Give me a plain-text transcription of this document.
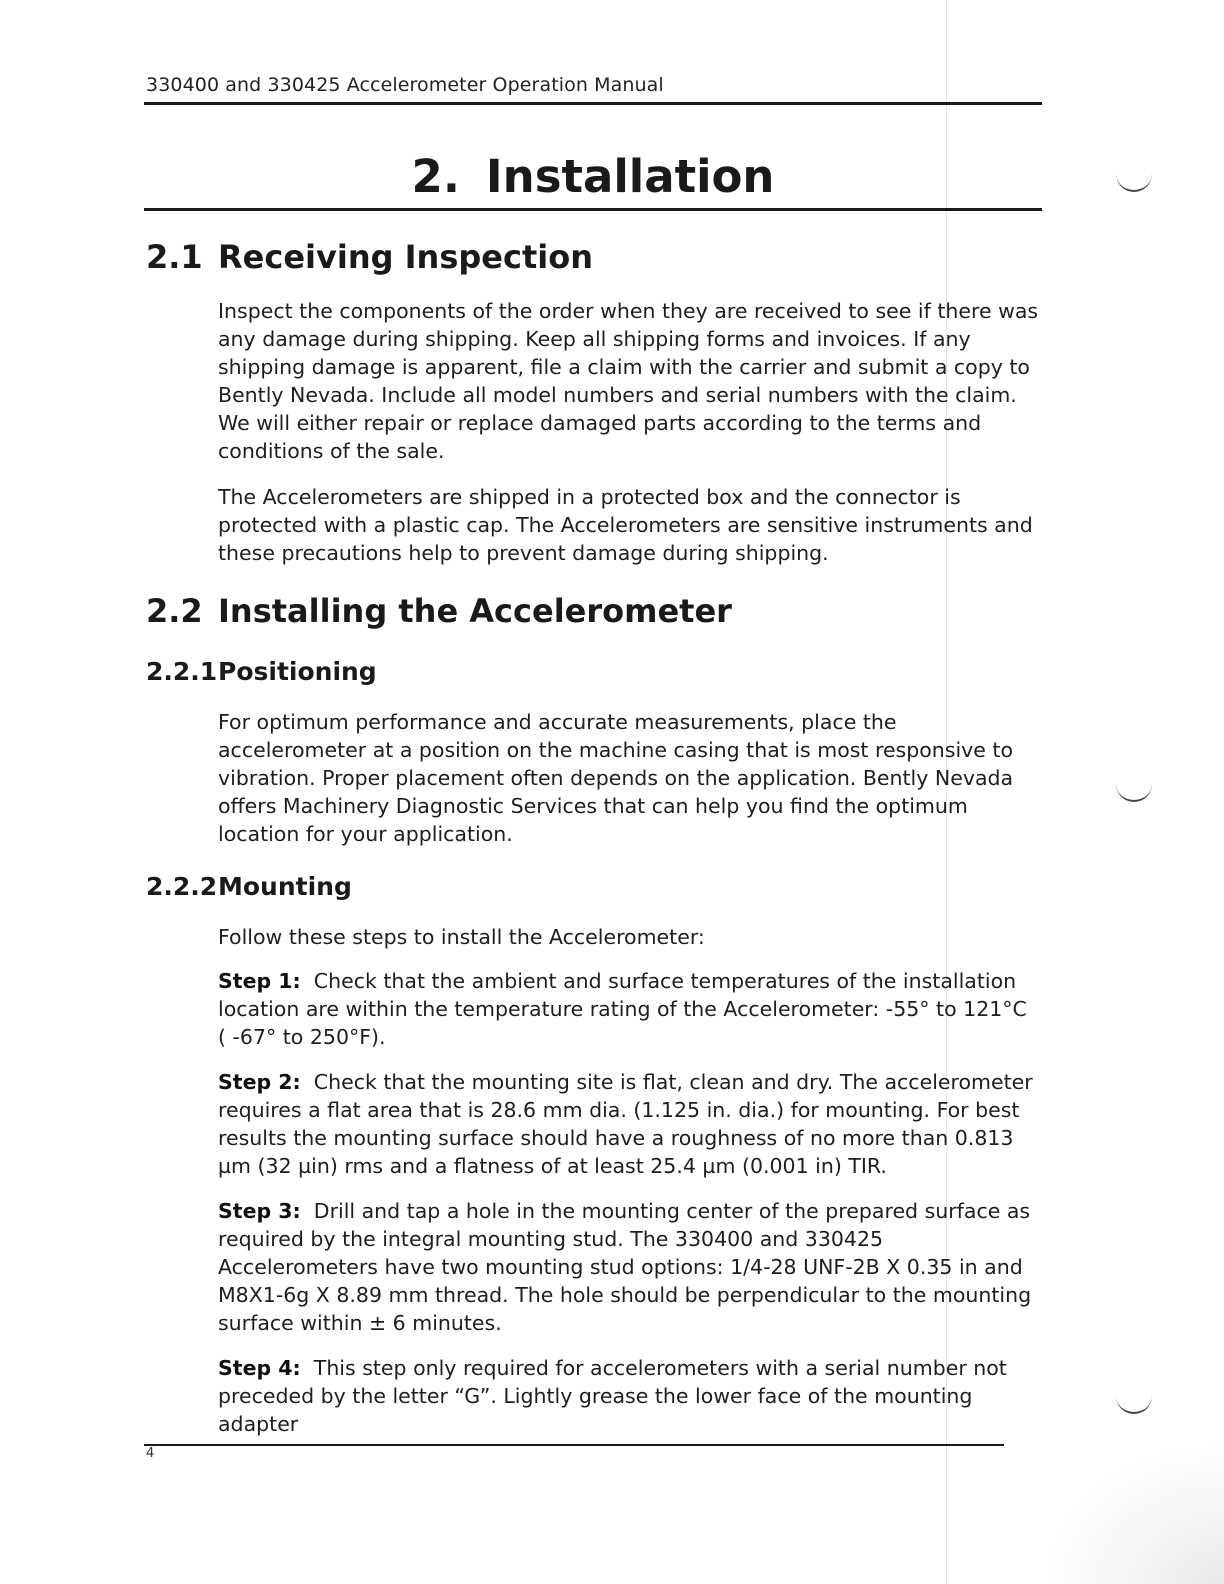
330400 and 330425 Accelerometer Operation Manual
2. Installation
2.1 Receiving Inspection

Inspect the components of the order when they are received to see if there was any damage during shipping. Keep all shipping forms and invoices. If any shipping damage is apparent, file a claim with the carrier and submit a copy to Bently Nevada. Include all model numbers and serial numbers with the claim. We will either repair or replace damaged parts according to the terms and conditions of the sale.

The Accelerometers are shipped in a protected box and the connector is protected with a plastic cap. The Accelerometers are sensitive instruments and these precautions help to prevent damage during shipping.

2.2 Installing the Accelerometer
2.2.1Positioning

For optimum performance and accurate measurements, place the accelerometer at a position on the machine casing that is most responsive to vibration. Proper placement often depends on the application. Bently Nevada offers Machinery Diagnostic Services that can help you find the optimum location for your application.

2.2.2Mounting

Follow these steps to install the Accelerometer:

Step 1: Check that the ambient and surface temperatures of the installation location are within the temperature rating of the Accelerometer: -55° to 121°C ( -67° to 250°F).

Step 2: Check that the mounting site is flat, clean and dry. The accelerometer requires a flat area that is 28.6 mm dia. (1.125 in. dia.) for mounting. For best results the mounting surface should have a roughness of no more than 0.813 µm (32 µin) rms and a flatness of at least 25.4 µm (0.001 in) TIR.

Step 3: Drill and tap a hole in the mounting center of the prepared surface as required by the integral mounting stud. The 330400 and 330425 Accelerometers have two mounting stud options: 1/4-28 UNF-2B X 0.35 in and M8X1-6g X 8.89 mm thread. The hole should be perpendicular to the mounting surface within ± 6 minutes.

Step 4: This step only required for accelerometers with a serial number not preceded by the letter “G”. Lightly grease the lower face of the mounting adapter

4
